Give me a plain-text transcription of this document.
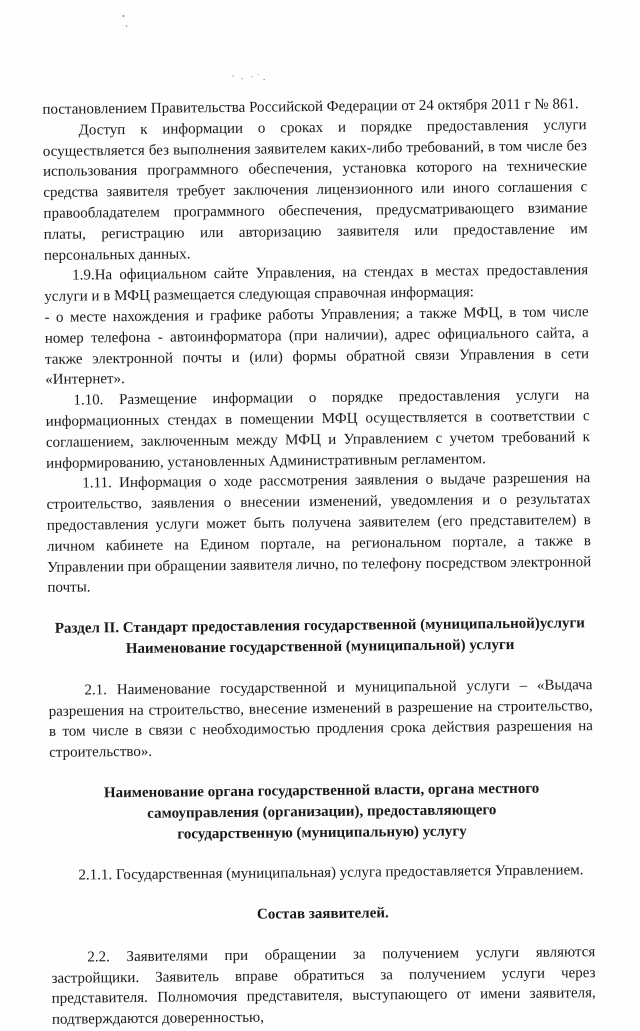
постановлением Правительства Российской Федерации от 24 октября 2011 г № 861.

Доступ к информации о сроках и порядке предоставления услуги осуществляется без выполнения заявителем каких-либо требований, в том числе без использования программного обеспечения, установка которого на технические средства заявителя требует заключения лицензионного или иного соглашения с правообладателем программного обеспечения, предусматривающего взимание платы, регистрацию или авторизацию заявителя или предоставление им персональных данных.

1.9.На официальном сайте Управления, на стендах в местах предоставления услуги и в МФЦ размещается следующая справочная информация:

- о месте нахождения и графике работы Управления; а также МФЦ, в том числе номер телефона - автоинформатора (при наличии), адрес официального сайта, а также электронной почты и (или) формы обратной связи Управления в сети «Интернет».

1.10. Размещение информации о порядке предоставления услуги на информационных стендах в помещении МФЦ осуществляется в соответствии с соглашением, заключенным между МФЦ и Управлением с учетом требований к информированию, установленных Административным регламентом.

1.11. Информация о ходе рассмотрения заявления о выдаче разрешения на строительство, заявления о внесении изменений, уведомления и о результатах предоставления услуги может быть получена заявителем (его представителем) в личном кабинете на Едином портале, на региональном портале, а также в Управлении при обращении заявителя лично, по телефону посредством электронной почты.

Раздел II. Стандарт предоставления государственной (муниципальной)услуги

Наименование государственной (муниципальной) услуги

2.1. Наименование государственной и муниципальной услуги – «Выдача разрешения на строительство, внесение изменений в разрешение на строительство, в том числе в связи с необходимостью продления срока действия разрешения на строительство».

Наименование органа государственной власти, органа местного самоуправления (организации), предоставляющего государственную (муниципальную) услугу

2.1.1. Государственная (муниципальная) услуга предоставляется Управлением.

Состав заявителей.

2.2. Заявителями при обращении за получением услуги являются застройщики. Заявитель вправе обратиться за получением услуги через представителя. Полномочия представителя, выступающего от имени заявителя, подтверждаются доверенностью,
